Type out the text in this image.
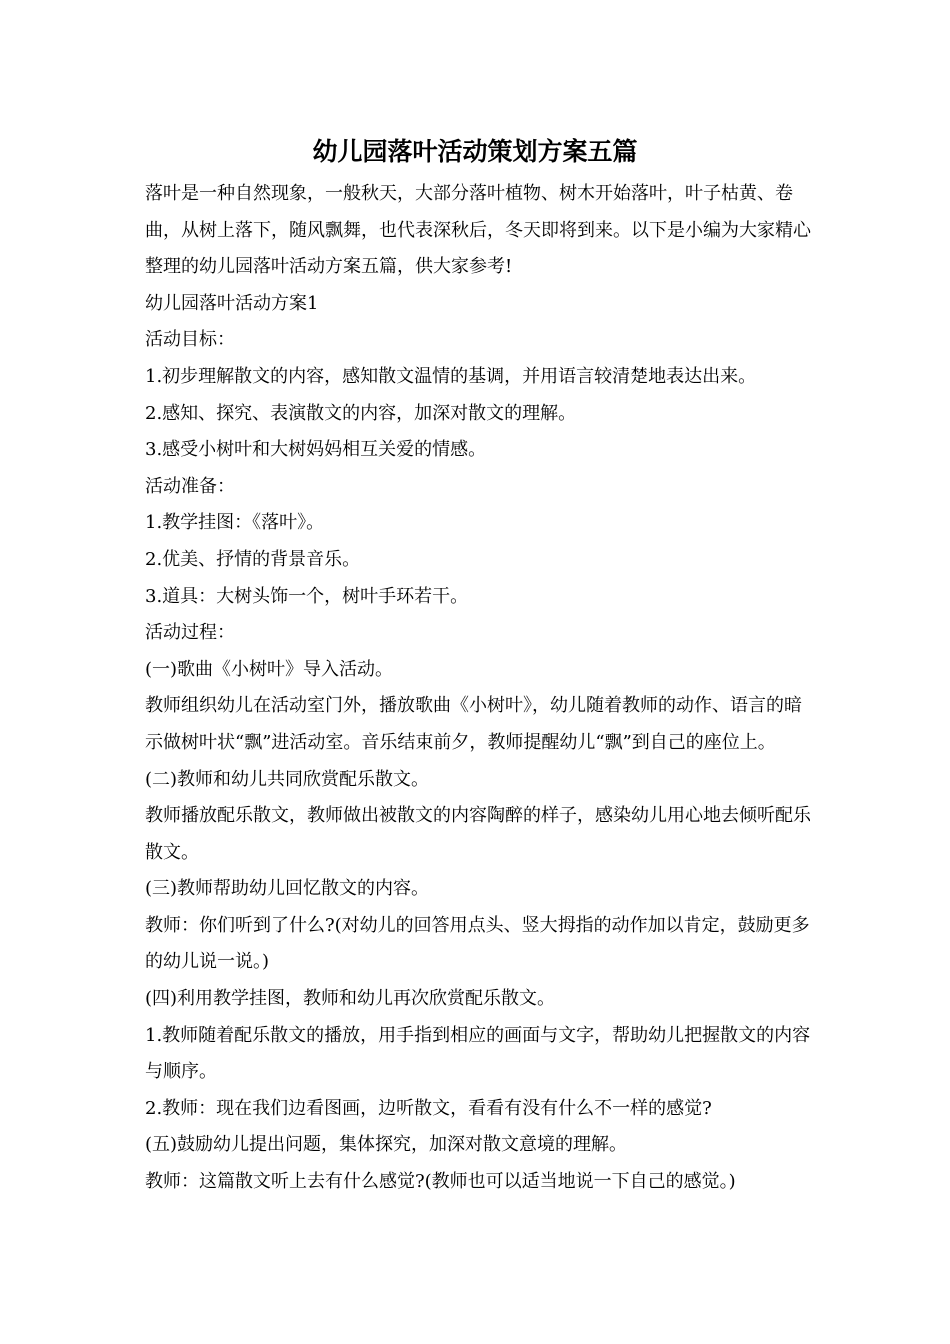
幼儿园落叶活动策划方案五篇

落叶是一种自然现象，一般秋天，大部分落叶植物、树木开始落叶，叶子枯黄、卷曲，从树上落下，随风飘舞，也代表深秋后，冬天即将到来。以下是小编为大家精心整理的幼儿园落叶活动方案五篇，供大家参考!

幼儿园落叶活动方案1

活动目标：

1.初步理解散文的内容，感知散文温情的基调，并用语言较清楚地表达出来。

2.感知、探究、表演散文的内容，加深对散文的理解。

3.感受小树叶和大树妈妈相互关爱的情感。

活动准备：

1.教学挂图：《落叶》。

2.优美、抒情的背景音乐。

3.道具：大树头饰一个，树叶手环若干。

活动过程：

(一)歌曲《小树叶》导入活动。

教师组织幼儿在活动室门外，播放歌曲《小树叶》，幼儿随着教师的动作、语言的暗示做树叶状“飘”进活动室。音乐结束前夕，教师提醒幼儿“飘”到自己的座位上。

(二)教师和幼儿共同欣赏配乐散文。

教师播放配乐散文，教师做出被散文的内容陶醉的样子，感染幼儿用心地去倾听配乐散文。

(三)教师帮助幼儿回忆散文的内容。

教师：你们听到了什么?(对幼儿的回答用点头、竖大拇指的动作加以肯定，鼓励更多的幼儿说一说。)

(四)利用教学挂图，教师和幼儿再次欣赏配乐散文。

1.教师随着配乐散文的播放，用手指到相应的画面与文字，帮助幼儿把握散文的内容与顺序。

2.教师：现在我们边看图画，边听散文，看看有没有什么不一样的感觉?

(五)鼓励幼儿提出问题，集体探究，加深对散文意境的理解。

教师：这篇散文听上去有什么感觉?(教师也可以适当地说一下自己的感觉。)
